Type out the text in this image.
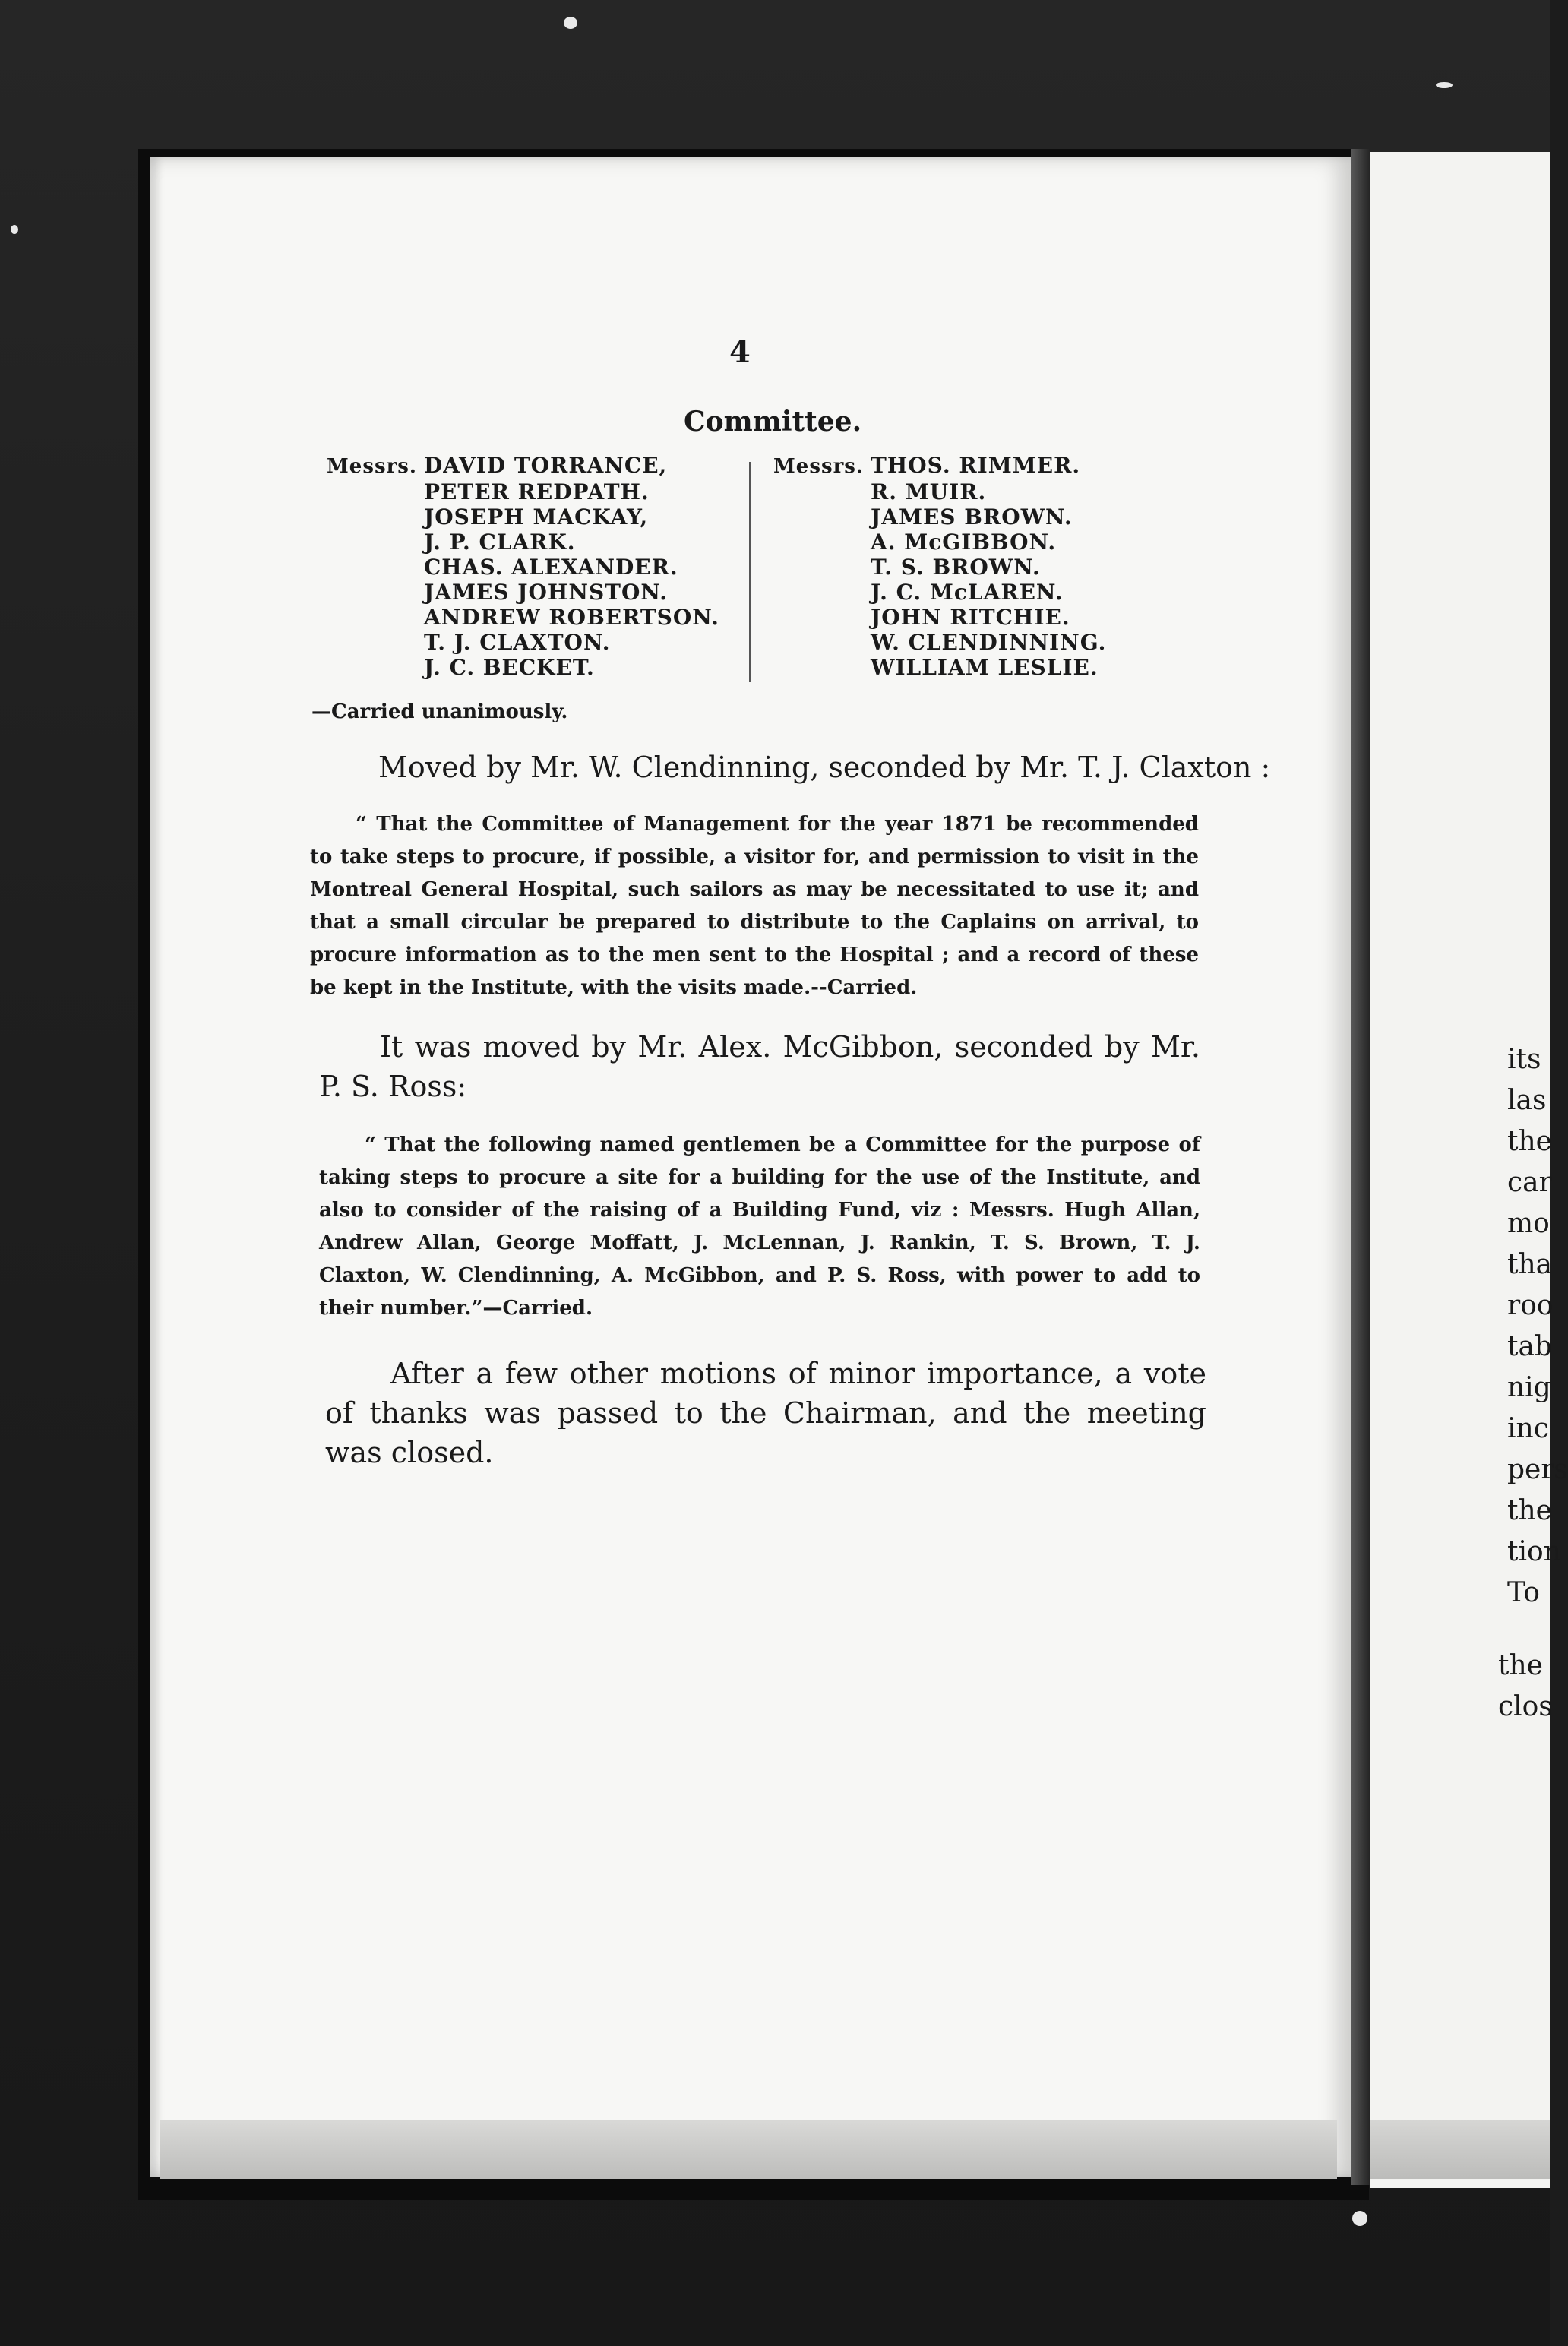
4
Committee.
Messrs. DAVID TORRANCE,
PETER REDPATH.
JOSEPH MACKAY,
J. P. CLARK.
CHAS. ALEXANDER.
JAMES JOHNSTON.
ANDREW ROBERTSON.
T. J. CLAXTON.
J. C. BECKET.
Messrs. THOS. RIMMER.
R. MUIR.
JAMES BROWN.
A. McGIBBON.
T. S. BROWN.
J. C. McLAREN.
JOHN RITCHIE.
W. CLENDINNING.
WILLIAM LESLIE.
—Carried unanimously.
Moved by Mr. W. Clendinning, seconded by Mr. T. J. Claxton :
“ That the Committee of Management for the year 1871 be recommended to take steps to procure, if possible, a visitor for, and permission to visit in the Montreal General Hospital, such sailors as may be necessitated to use it; and that a small circular be prepared to distribute to the Caplains on arrival, to procure information as to the men sent to the Hospital ; and a record of these be kept in the Institute, with the visits made.--Carried.
It was moved by Mr. Alex. McGibbon, seconded by Mr. P. S. Ross:
“ That the following named gentlemen be a Committee for the purpose of taking steps to procure a site for a building for the use of the Institute, and also to consider of the raising of a Building Fund, viz : Messrs. Hugh Allan, Andrew Allan, George Moffatt, J. McLennan, J. Rankin, T. S. Brown, T. J. Claxton, W. Clendinning, A. McGibbon, and P. S. Ross, with power to add to their number.”—Carried.
After a few other motions of minor importance, a vote of thanks was passed to the Chairman, and the meeting was closed.
its
las
the
car
mo
tha
roo
tab
nig
inc
pers
the
tion
To
the
clos
